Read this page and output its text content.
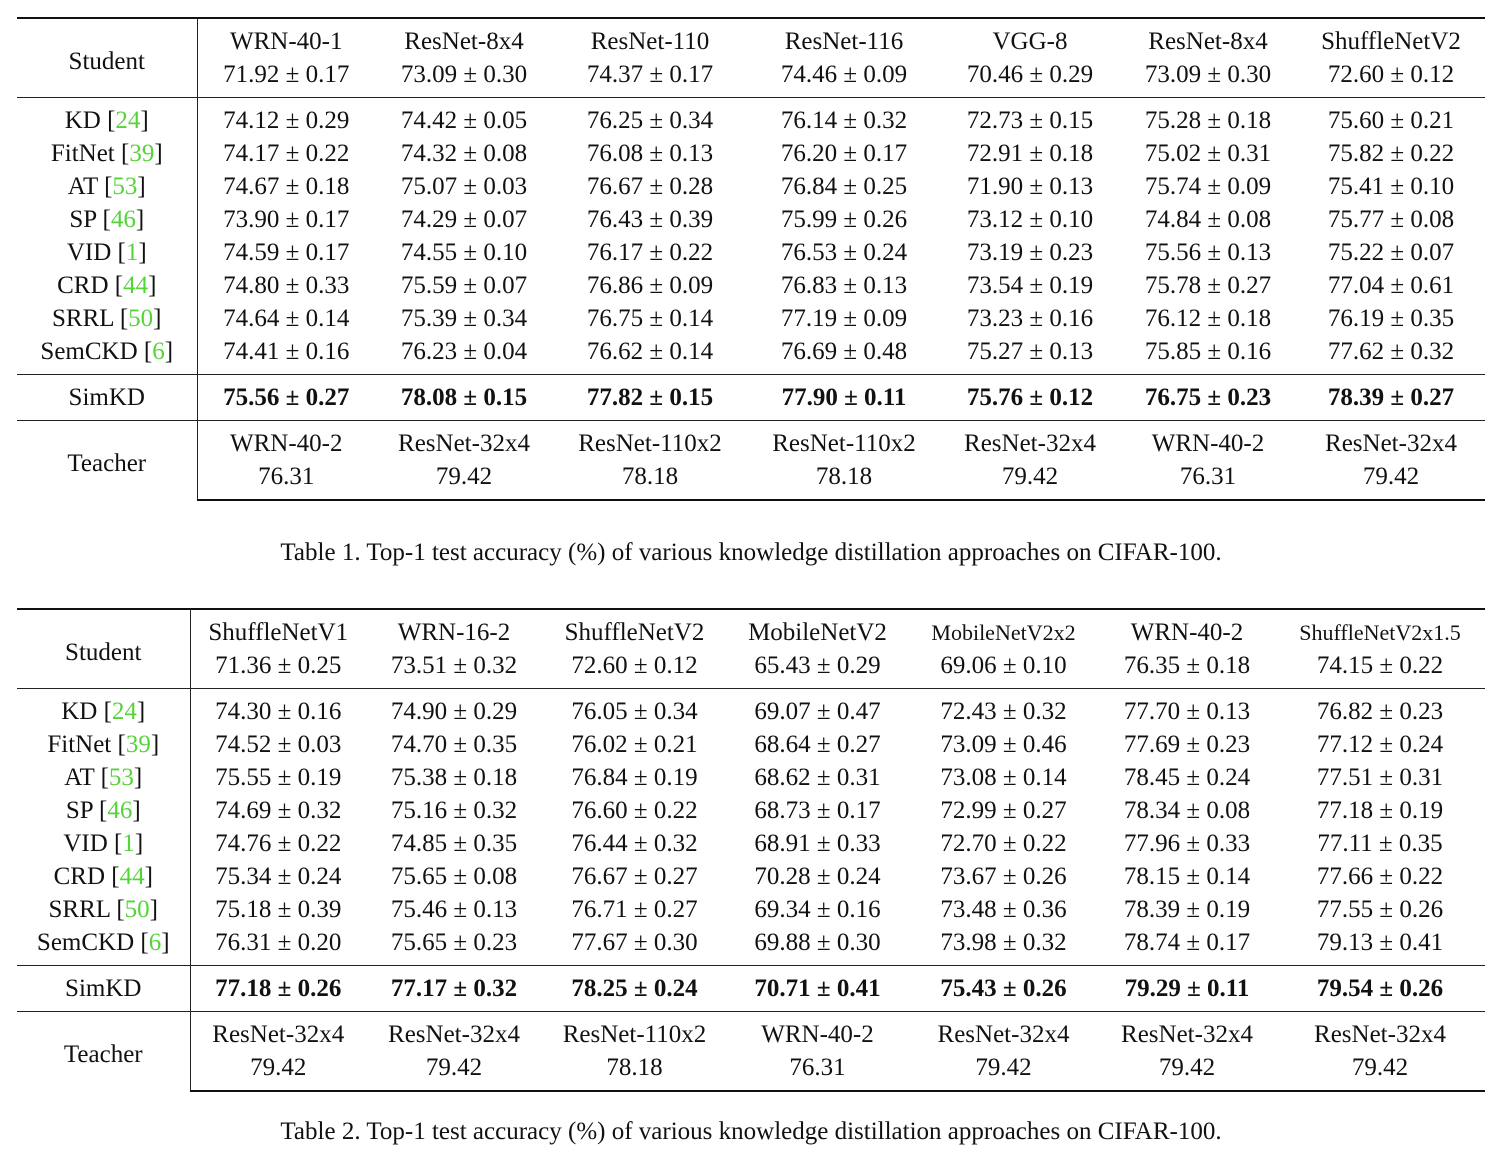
Student	WRN-40-1	ResNet-8x4	ResNet-110	ResNet-116	VGG-8	ResNet-8x4	ShuffleNetV2
	71.92 ± 0.17	73.09 ± 0.30	74.37 ± 0.17	74.46 ± 0.09	70.46 ± 0.29	73.09 ± 0.30	72.60 ± 0.12
KD [24]	74.12 ± 0.29	74.42 ± 0.05	76.25 ± 0.34	76.14 ± 0.32	72.73 ± 0.15	75.28 ± 0.18	75.60 ± 0.21
FitNet [39]	74.17 ± 0.22	74.32 ± 0.08	76.08 ± 0.13	76.20 ± 0.17	72.91 ± 0.18	75.02 ± 0.31	75.82 ± 0.22
AT [53]	74.67 ± 0.18	75.07 ± 0.03	76.67 ± 0.28	76.84 ± 0.25	71.90 ± 0.13	75.74 ± 0.09	75.41 ± 0.10
SP [46]	73.90 ± 0.17	74.29 ± 0.07	76.43 ± 0.39	75.99 ± 0.26	73.12 ± 0.10	74.84 ± 0.08	75.77 ± 0.08
VID [1]	74.59 ± 0.17	74.55 ± 0.10	76.17 ± 0.22	76.53 ± 0.24	73.19 ± 0.23	75.56 ± 0.13	75.22 ± 0.07
CRD [44]	74.80 ± 0.33	75.59 ± 0.07	76.86 ± 0.09	76.83 ± 0.13	73.54 ± 0.19	75.78 ± 0.27	77.04 ± 0.61
SRRL [50]	74.64 ± 0.14	75.39 ± 0.34	76.75 ± 0.14	77.19 ± 0.09	73.23 ± 0.16	76.12 ± 0.18	76.19 ± 0.35
SemCKD [6]	74.41 ± 0.16	76.23 ± 0.04	76.62 ± 0.14	76.69 ± 0.48	75.27 ± 0.13	75.85 ± 0.16	77.62 ± 0.32
SimKD	75.56 ± 0.27	78.08 ± 0.15	77.82 ± 0.15	77.90 ± 0.11	75.76 ± 0.12	76.75 ± 0.23	78.39 ± 0.27
Teacher	WRN-40-2	ResNet-32x4	ResNet-110x2	ResNet-110x2	ResNet-32x4	WRN-40-2	ResNet-32x4
	76.31	79.42	78.18	78.18	79.42	76.31	79.42
Table 1. Top-1 test accuracy (%) of various knowledge distillation approaches on CIFAR-100.
Student	ShuffleNetV1	WRN-16-2	ShuffleNetV2	MobileNetV2	MobileNetV2x2	WRN-40-2	ShuffleNetV2x1.5
	71.36 ± 0.25	73.51 ± 0.32	72.60 ± 0.12	65.43 ± 0.29	69.06 ± 0.10	76.35 ± 0.18	74.15 ± 0.22
KD [24]	74.30 ± 0.16	74.90 ± 0.29	76.05 ± 0.34	69.07 ± 0.47	72.43 ± 0.32	77.70 ± 0.13	76.82 ± 0.23
FitNet [39]	74.52 ± 0.03	74.70 ± 0.35	76.02 ± 0.21	68.64 ± 0.27	73.09 ± 0.46	77.69 ± 0.23	77.12 ± 0.24
AT [53]	75.55 ± 0.19	75.38 ± 0.18	76.84 ± 0.19	68.62 ± 0.31	73.08 ± 0.14	78.45 ± 0.24	77.51 ± 0.31
SP [46]	74.69 ± 0.32	75.16 ± 0.32	76.60 ± 0.22	68.73 ± 0.17	72.99 ± 0.27	78.34 ± 0.08	77.18 ± 0.19
VID [1]	74.76 ± 0.22	74.85 ± 0.35	76.44 ± 0.32	68.91 ± 0.33	72.70 ± 0.22	77.96 ± 0.33	77.11 ± 0.35
CRD [44]	75.34 ± 0.24	75.65 ± 0.08	76.67 ± 0.27	70.28 ± 0.24	73.67 ± 0.26	78.15 ± 0.14	77.66 ± 0.22
SRRL [50]	75.18 ± 0.39	75.46 ± 0.13	76.71 ± 0.27	69.34 ± 0.16	73.48 ± 0.36	78.39 ± 0.19	77.55 ± 0.26
SemCKD [6]	76.31 ± 0.20	75.65 ± 0.23	77.67 ± 0.30	69.88 ± 0.30	73.98 ± 0.32	78.74 ± 0.17	79.13 ± 0.41
SimKD	77.18 ± 0.26	77.17 ± 0.32	78.25 ± 0.24	70.71 ± 0.41	75.43 ± 0.26	79.29 ± 0.11	79.54 ± 0.26
Teacher	ResNet-32x4	ResNet-32x4	ResNet-110x2	WRN-40-2	ResNet-32x4	ResNet-32x4	ResNet-32x4
	79.42	79.42	78.18	76.31	79.42	79.42	79.42
Table 2. Top-1 test accuracy (%) of various knowledge distillation approaches on CIFAR-100.
